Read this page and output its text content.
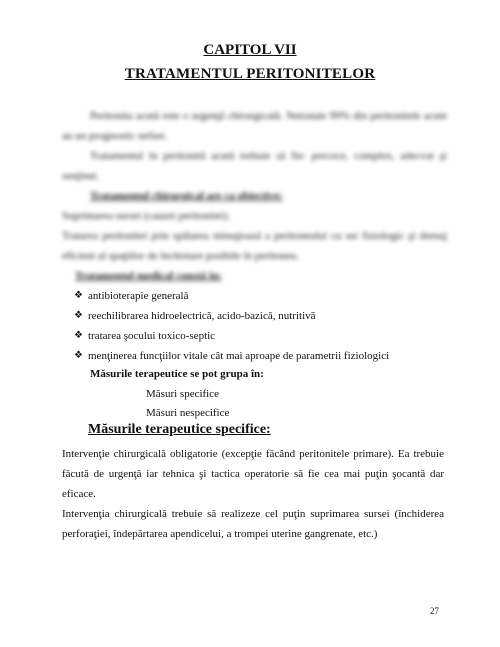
CAPITOL VII
TRATAMENTUL PERITONITELOR
Peritonita acută este o urgenţă chirurgicală. Netratate 99% din peritonitele acute au un prognostic nefast.
Tratamentul în peritonită acută trebuie să fie: precoce, complex, adecvat şi susţinut.
Tratamentul chirurgical are ca obiective:
Suprimarea sursei (cauzei peritonitei).
Tratarea peritonitei prin spălarea minuţioasă a peritoneului cu ser fiziologic şi drenaj eficient al spaţiilor de închistare posibile în peritoneu.
Tratamentul medical constă în:
❖ antibioterapie generală
❖ reechilibrarea hidroelectrică, acido-bazică, nutritivă
❖ tratarea şocului toxico-septic
❖ menţinerea funcţiilor vitale cât mai aproape de parametrii fiziologici
Măsurile terapeutice se pot grupa în:
Măsuri specifice
Măsuri nespecifice
Măsurile terapeutice specifice:
Intervenţie chirurgicală obligatorie (excepţie făcând peritonitele primare). Ea trebuie făcută de urgenţă iar tehnica şi tactica operatorie să fie cea mai puţin şocantă dar eficace.
Intervenţia chirurgicală trebuie să realizeze cel puţin suprimarea sursei (închiderea perforaţiei, îndepărtarea apendicelui, a trompei uterine gangrenate, etc.)
27
